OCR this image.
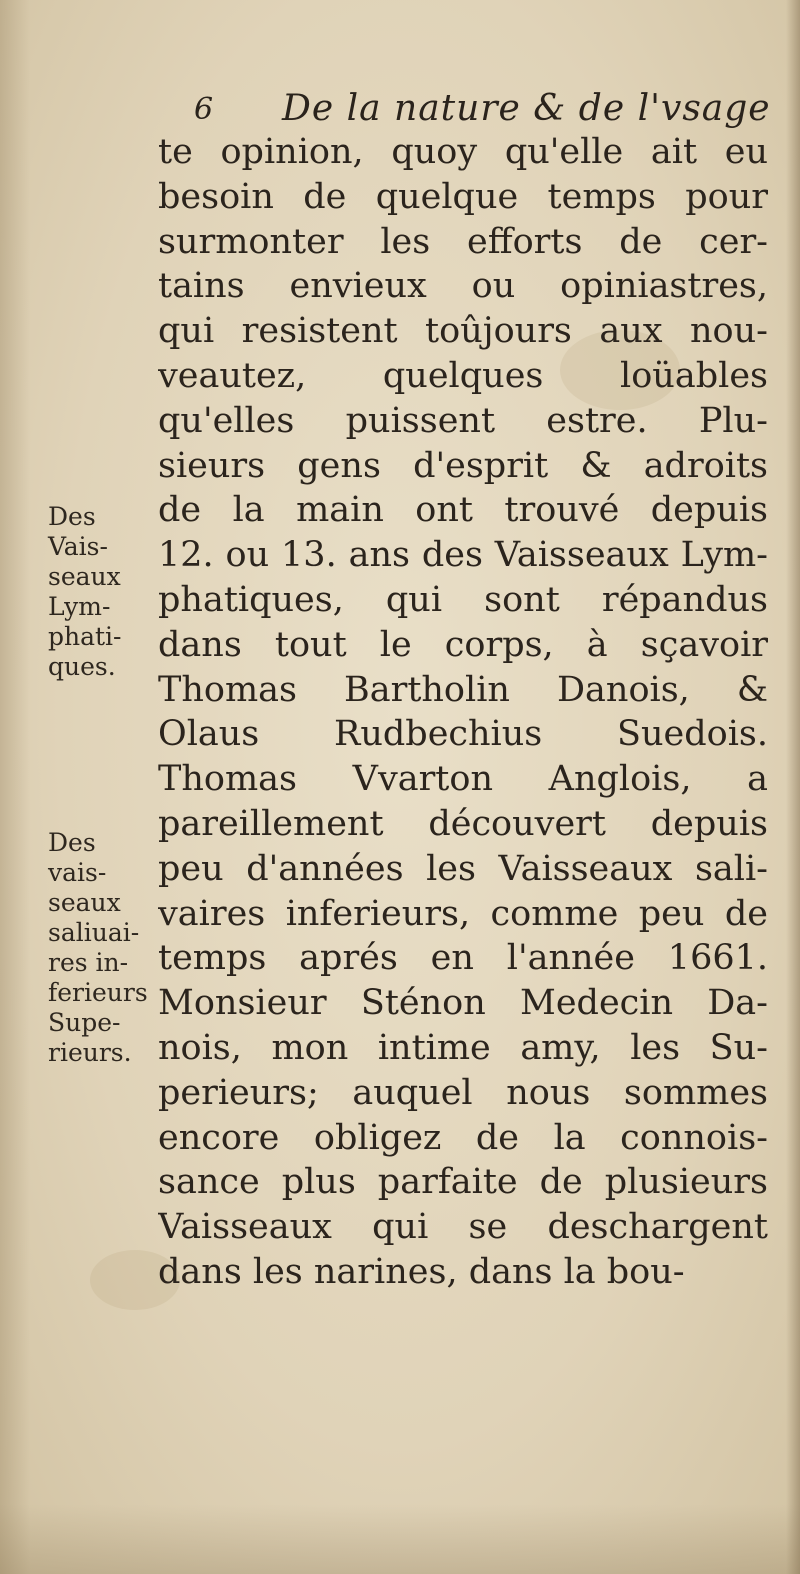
6 De la nature & de l'vsage
te opinion, quoy qu'elle ait eu
besoin de quelque temps pour
surmonter les efforts de cer-
tains envieux ou opiniastres,
qui resistent toûjours aux nou-
veautez, quelques loüables
qu'elles puissent estre. Plu-
sieurs gens d'esprit & adroits
de la main ont trouvé depuis
12. ou 13. ans des Vaisseaux Lym-
phatiques, qui sont répandus
dans tout le corps, à sçavoir
Thomas Bartholin Danois, &
Olaus Rudbechius Suedois.
Thomas Vvarton Anglois, a
pareillement découvert depuis
peu d'années les Vaisseaux sali-
vaires inferieurs, comme peu de
temps aprés en l'année 1661.
Monsieur Sténon Medecin Da-
nois, mon intime amy, les Su-
perieurs; auquel nous sommes
encore obligez de la connois-
sance plus parfaite de plusieurs
Vaisseaux qui se deschargent
dans les narines, dans la bou-
Des
Vais-
seaux
Lym-
phati-
ques.
Des
vais-
seaux
saliuai-
res in-
ferieurs
Supe-
rieurs.
